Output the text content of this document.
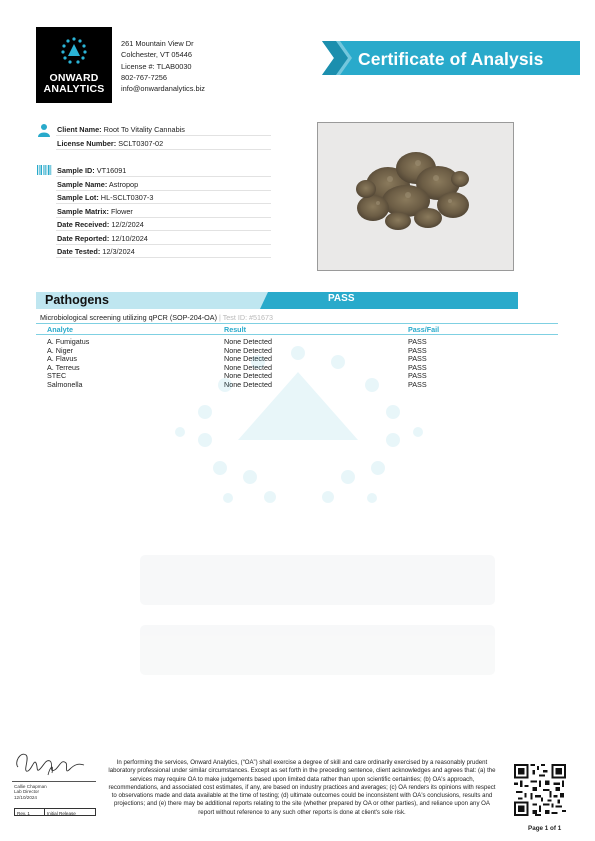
ONWARD
ANALYTICS
261 Mountain View Dr
Colchester, VT 05446
License #: TLAB0030
802-767-7256
info@onwardanalytics.biz
Certificate of Analysis
Client Name: Root To Vitality Cannabis
License Number: SCLT0307-02
Sample ID: VT16091
Sample Name: Astropop
Sample Lot: HL-SCLT0307-3
Sample Matrix: Flower
Date Received: 12/2/2024
Date Reported: 12/10/2024
Date Tested: 12/3/2024
Pathogens	PASS
Microbiological screening utilizing qPCR (SOP-204-OA) | Test ID: #51673
Analyte	Result	Pass/Fail
A. Fumigatus	None Detected	PASS
A. Niger	None Detected	PASS
A. Flavus	None Detected	PASS
A. Terreus	None Detected	PASS
STEC	None Detected	PASS
Salmonella	None Detected	PASS
Callie Chapman
Lab Director
12/10/2024
Rev. 1	Initial Release
In performing the services, Onward Analytics, (“OA”) shall exercise a degree of skill and care ordinarily exercised by a reasonably prudent laboratory professional under similar circumstances. Except as set forth in the preceding sentence, client acknowledges and agrees that: (a) the services may require OA to make judgements based upon limited data rather than upon scientific certainties; (b) OA's approach, recommendations, and associated cost estimates, if any, are based on industry practices and averages; (c) OA renders its opinions with respect to observations made and data available at the time of testing; (d) ultimate outcomes could be inconsistent with OA's conclusions, results and projections; and (e) there may be additional reports relating to the site (whether prepared by OA or other parties), and reliance upon any OA report without reference to any such other reports is done at client's sole risk.
Page 1 of 1
